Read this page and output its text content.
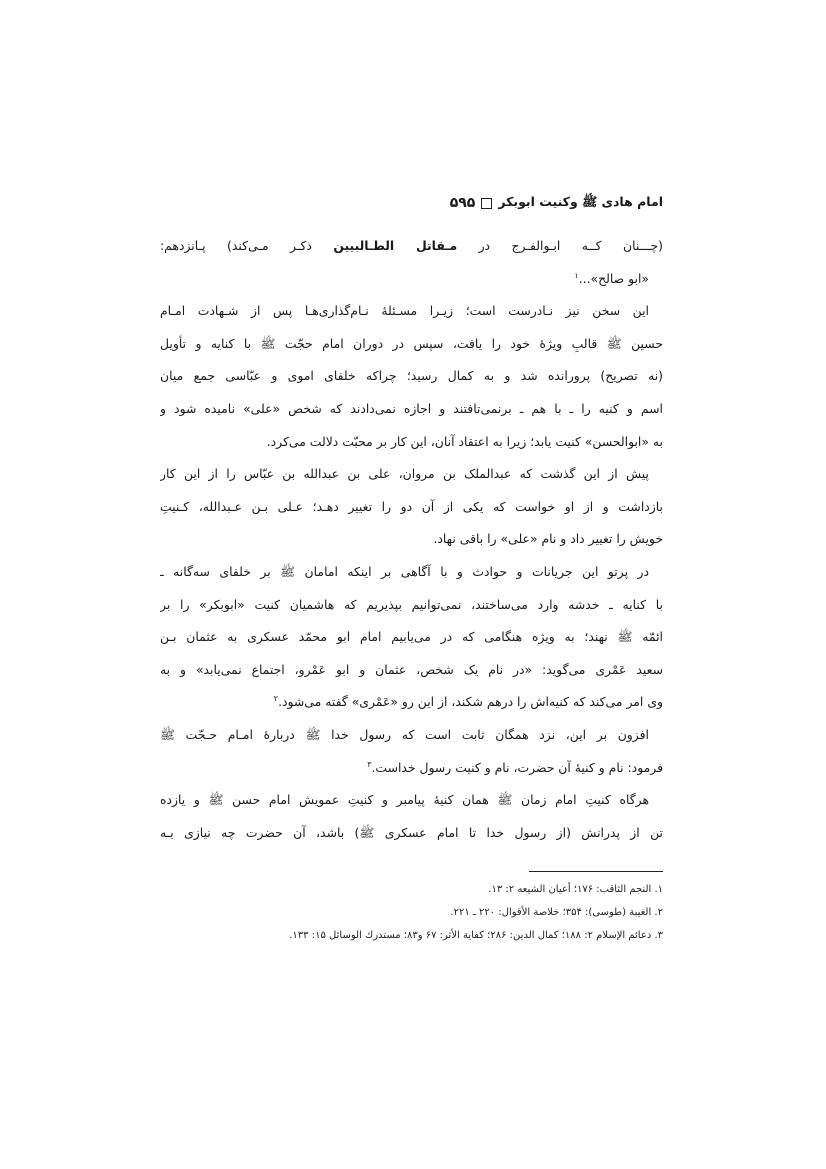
امام هادی ﷺ وکنیت ابوبکر
۵۹۵

(چـــنان کــه ابـوالفـرج در مـقاتل الطـالبیین ذکـر مـی‌کند) پـانزدهم:

«ابو صالح»...$^۱$

این سخن نیز نـادرست است؛ زیـرا مسـئلۀ نـام‌گذاری‌هـا پس از شـهادت امـام

حسین ﷺ قالبِ ویژۀ خود را یافت، سپس در دوران امام حجّت ﷺ با کنایه و تأویل

(نه تصریح) پرورانده شد و به کمال رسید؛ چراکه خلفای اموی و عبّاسی جمع میان

اسم و کنیه را ـ با هم ـ برنمی‌تافتند و اجازه نمی‌دادند که شخص «علی» نامیده شود و

به «ابوالحسن» کنیت یابد؛ زیرا به اعتقاد آنان، این کار بر محبّت دلالت می‌کرد.

پیش از این گذشت که عبدالملک بن مروان، علی بن عبدالله بن عبّاس را از این کار

بازداشت و از او خواست که یکی از آن دو را تغییر دهـد؛ عـلی بـن عـبدالله، کـنیتِ

خویش را تغییر داد و نام «علی» را باقی نهاد.

در پرتو این جریانات و حوادث و با آگاهی بر اینکه امامان ﷺ بر خلفای سه‌گانه ـ

با کنایه ـ خدشه وارد می‌ساختند، نمی‌توانیم بپذیریم که هاشمیان کنیت «ابوبکر» را بر

ائمّه ﷺ نهند؛ به ویژه هنگامی که در می‌یابیم امام ابو محمّد عسکری به عثمان بـن

سعید عَمْری می‌گوید: «در نام یک شخص، عثمان و ابو عَمْرو، اجتماع نمی‌یابد» و به

وی امر می‌کند که کنیه‌اش را درهم شکند، از این رو «عَمْری» گفته می‌شود.$^۲$

افزون بر این، نزد همگان ثابت است که رسول خدا ﷺ دربارۀ امـام حـجّت ﷺ

فرمود: نام و کنیۀ آن حضرت، نام و کنیت رسول خداست.$^۳$

هرگاه کنیتِ امام زمان ﷺ همان کنیۀ پیامبر و کنیتِ عمویش امام حسن ﷺ و یازده

تن از پدرانش (از رسول خدا تا امام عسکری ﷺ) باشد، آن حضرت چه نیازی بـه

۱. النجم الثاقب: ۱۷۶؛ أعیان الشیعه ۲: ۱۳.
۲. الغیبة (طوسی): ۳۵۴؛ خلاصة الأقوال: ۲۲۰ ـ ۲۲۱.
۳. دعائم الإسلام ۲: ۱۸۸؛ کمال الدین: ۲۸۶؛ کفایة الأثر: ۶۷ و۸۳؛ مستدرك الوسائل ۱۵: ۱۳۳.
